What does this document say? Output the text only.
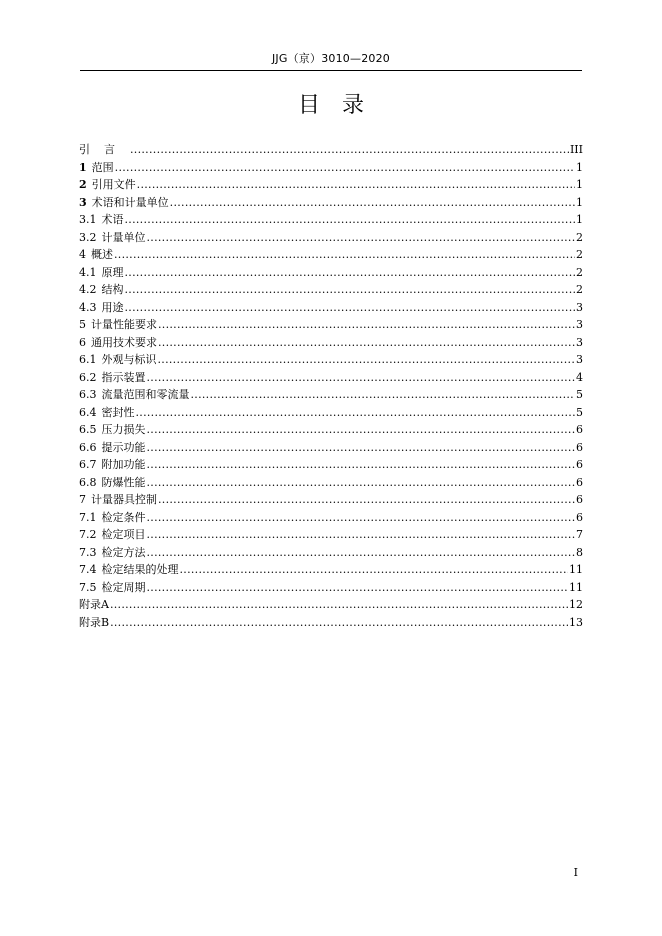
JJG（京）3010—2020
目　录
引言 .....	III
1 范围 .....	1
2 引用文件 .....	1
3 术语和计量单位 .....	1
3.1 术语 .....	1
3.2 计量单位 .....	2
4 概述 .....	2
4.1 原理 .....	2
4.2 结构 .....	2
4.3 用途 .....	3
5 计量性能要求 .....	3
6 通用技术要求 .....	3
6.1 外观与标识 .....	3
6.2 指示装置 .....	4
6.3 流量范围和零流量 .....	5
6.4 密封性 .....	5
6.5 压力损失 .....	6
6.6 提示功能 .....	6
6.7 附加功能 .....	6
6.8 防爆性能 .....	6
7 计量器具控制 .....	6
7.1 检定条件 .....	6
7.2 检定项目 .....	7
7.3 检定方法 .....	8
7.4 检定结果的处理 .....	11
7.5 检定周期 .....	11
附录A .....	12
附录B .....	13
I
